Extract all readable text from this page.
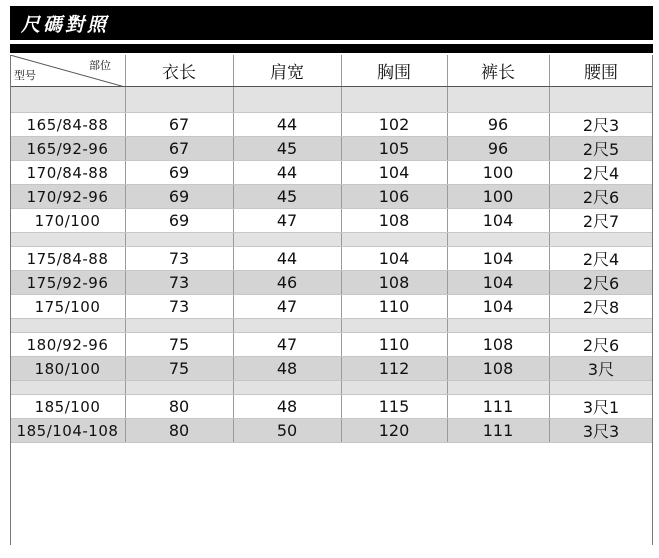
尺碼對照
部位
型号	衣长	肩宽	胸围	裤长	腰围
165/84-88	67	44	102	96	2尺3
165/92-96	67	45	105	96	2尺5
170/84-88	69	44	104	100	2尺4
170/92-96	69	45	106	100	2尺6
170/100	69	47	108	104	2尺7
175/84-88	73	44	104	104	2尺4
175/92-96	73	46	108	104	2尺6
175/100	73	47	110	104	2尺8
180/92-96	75	47	110	108	2尺6
180/100	75	48	112	108	3尺
185/100	80	48	115	111	3尺1
185/104-108	80	50	120	111	3尺3
